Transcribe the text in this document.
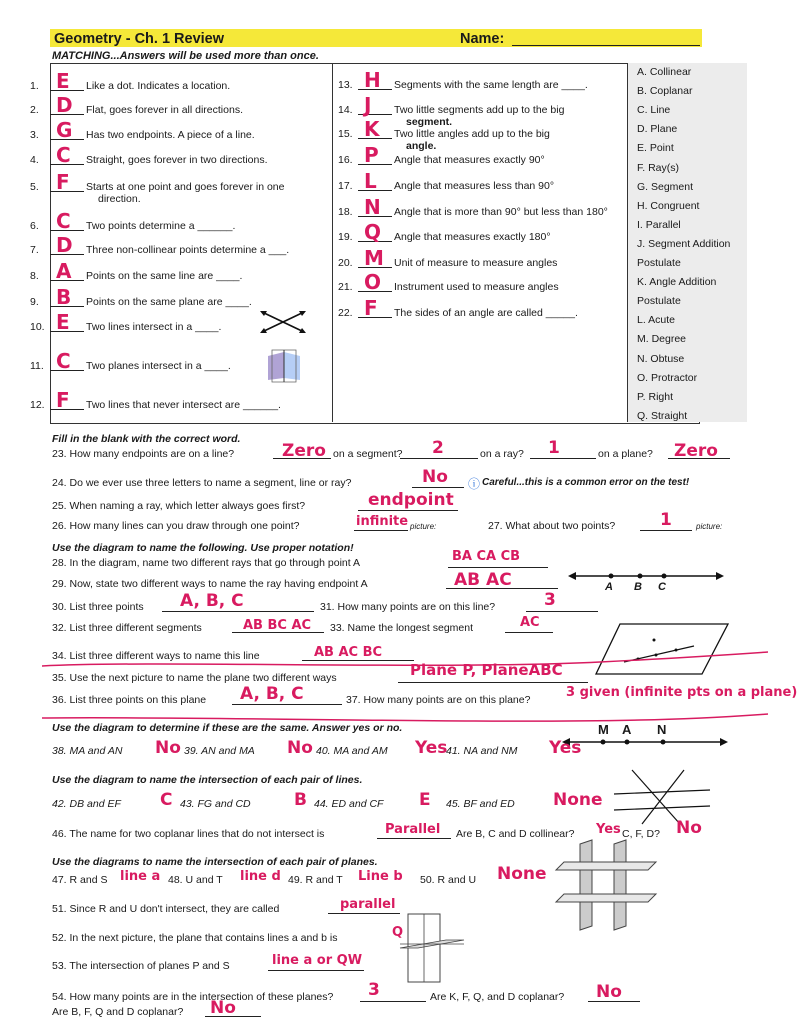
Geometry - Ch. 1 Review	Name:
MATCHING...Answers will be used more than once.
1. E Like a dot. Indicates a location.
2. D Flat, goes forever in all directions.
3. G Has two endpoints. A piece of a line.
4. C Straight, goes forever in two directions.
5. F Starts at one point and goes forever in one
direction.
6. C Two points determine a ______.
7. D Three non-collinear points determine a ___.
8. A Points on the same line are ____.
9. B Points on the same plane are ____.
10. E Two lines intersect in a ____.
11. C Two planes intersect in a ____.
12. F Two lines that never intersect are ______.
13. H Segments with the same length are ____.
14. J Two little segments add up to the big
segment.
15. K Two little angles add up to the big
angle.
16. P Angle that measures exactly 90°
17. L Angle that measures less than 90°
18. N Angle that is more than 90° but less than 180°
19. Q Angle that measures exactly 180°
20. M Unit of measure to measure angles
21. O Instrument used to measure angles
22. F The sides of an angle are called _____.
A. Collinear
B. Coplanar
C. Line
D. Plane
E. Point
F. Ray(s)
G. Segment
H. Congruent
I. Parallel
J. Segment Addition
Postulate
K. Angle Addition
Postulate
L. Acute
M. Degree
N. Obtuse
O. Protractor
P. Right
Q. Straight
Fill in the blank with the correct word.
23. How many endpoints are on a line?	Zero on a segment? 2	on a ray? 1	on a plane? Zero
24. Do we ever use three letters to name a segment, line or ray?	No ⓘ Careful...this is a common error on the test!
25. When naming a ray, which letter always goes first?	endpoint
26. How many lines can you draw through one point?	infinite picture:	27. What about two points?	1	picture:
Use the diagram to name the following. Use proper notation!
28. In the diagram, name two different rays that go through point A	BA CA CB
29. Now, state two different ways to name the ray having endpoint A	AB AC	A B C
30. List three points A, B, C	31. How many points are on this line?	3
32. List three different segments	AB BC AC 33. Name the longest segment	AC
34. List three different ways to name this line	AB AC BC
35. Use the next picture to name the plane two different ways	Plane P, PlaneABC
36. List three points on this plane A, B, C	37. How many points are on this plane?	3 given (infinite pts on a plane)
Use the diagram to determine if these are the same. Answer yes or no.	M A N
38. MA and AN No 39. AN and MA No 40. MA and AM Yes
41. NA and NM Yes
Use the diagram to name the intersection of each pair of lines.
42. DB and EF C 43. FG and CD	B 44. ED and CF E 45. BF and ED None
46. The name for two coplanar lines that do not intersect is	Parallel Are B, C and D collinear? Yes C, F, D? No
Use the diagrams to name the intersection of each pair of planes.
47. R and S line a 48. U and T line d 49. R and T Line b 50. R and U None
51. Since R and U don't intersect, they are called	parallel
52. In the next picture, the plane that contains lines a and b is	Q
53. The intersection of planes P and S	line a or QW
54. How many points are in the intersection of these planes? 3	Are K, F, Q, and D coplanar? No
Are B, F, Q and D coplanar? No
